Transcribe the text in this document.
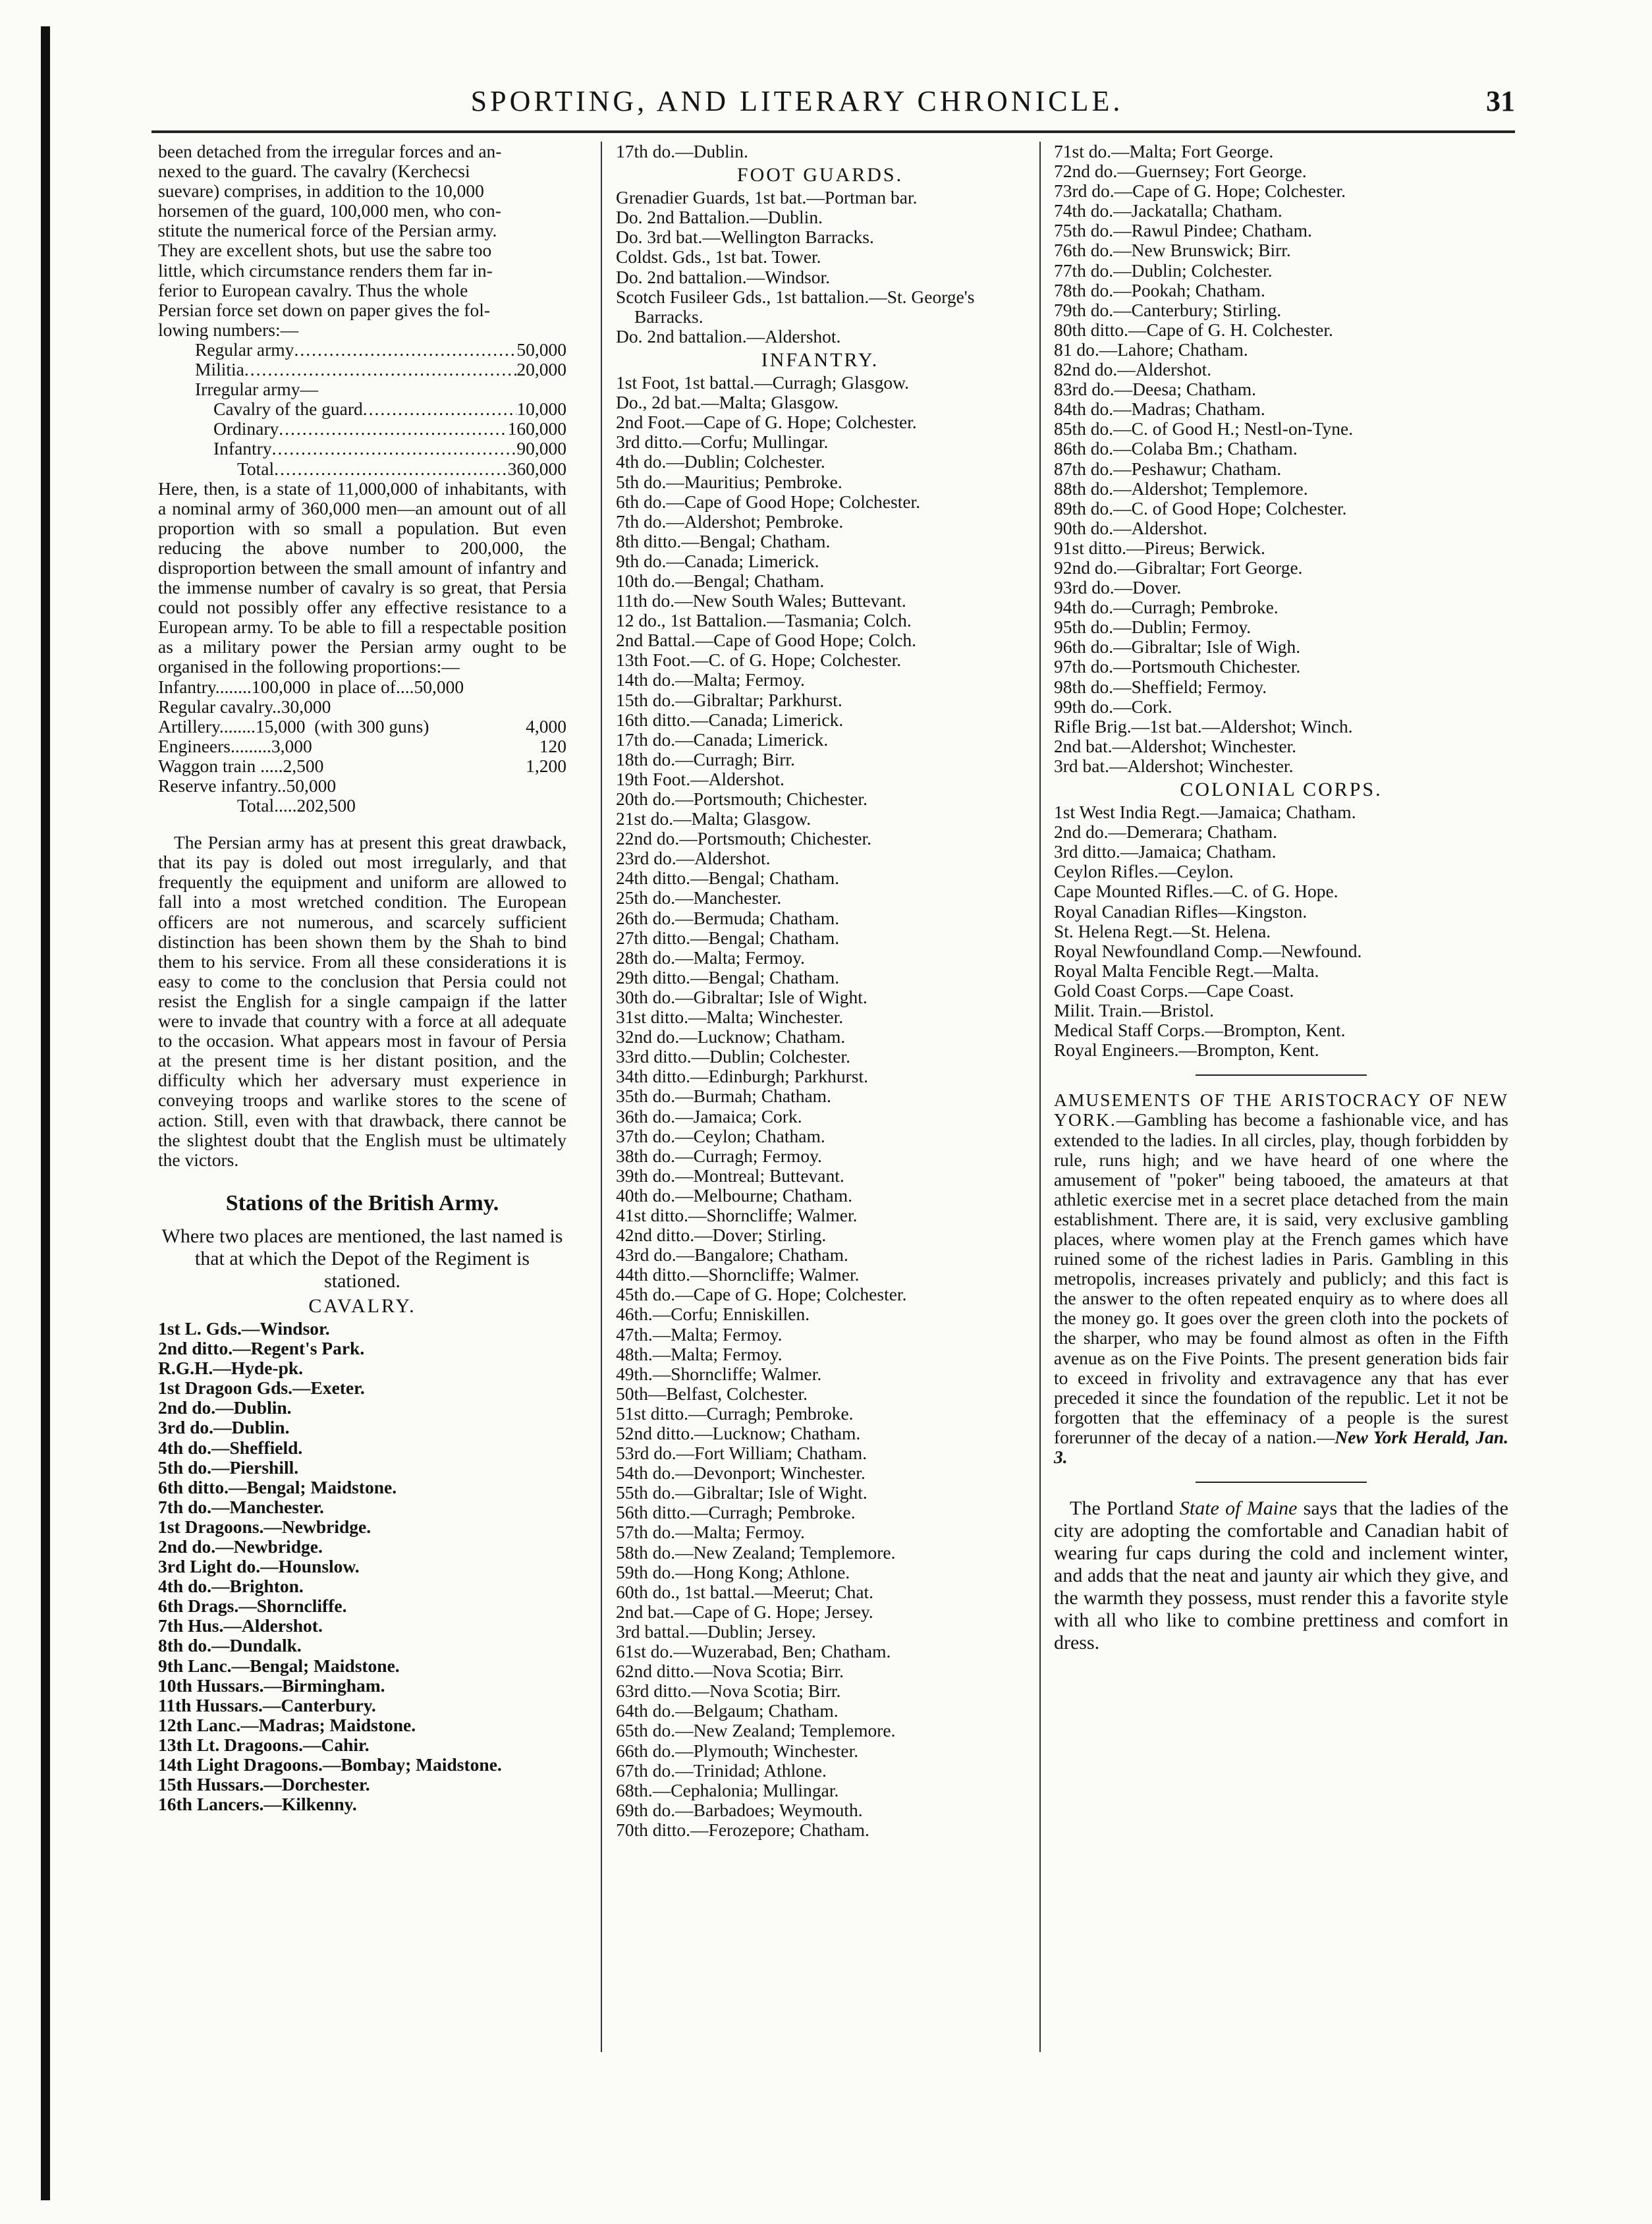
SPORTING, AND LITERARY CHRONICLE.	31
been detached from the irregular forces and an-
nexed to the guard. The cavalry (Kerchecsi
suevare) comprises, in addition to the 10,000
horsemen of the guard, 100,000 men, who con-
stitute the numerical force of the Persian army.
They are excellent shots, but use the sabre too
little, which circumstance renders them far in-
ferior to European cavalry. Thus the whole
Persian force set down on paper gives the fol-
lowing numbers:—
Regular army .....	50,000
Militia .....	20,000
Irregular army—
Cavalry of the guard .....	10,000
Ordinary .....	160,000
Infantry .....	90,000
Total .....	360,000
Here, then, is a state of 11,000,000 of inhabitants, with a nominal army of 360,000 men—an amount out of all proportion with so small a population. But even reducing the above number to 200,000, the disproportion between the small amount of infantry and the immense number of cavalry is so great, that Persia could not possibly offer any effective resistance to a European army. To be able to fill a respectable position as a military power the Persian army ought to be organised in the following proportions:—
Infantry........100,000  in place of....50,000
Regular cavalry..30,000
Artillery........15,000  (with 300 guns)	4,000
Engineers.........3,000	120
Waggon train .....2,500	1,200
Reserve infantry..50,000
Total.....202,500
The Persian army has at present this great drawback, that its pay is doled out most irregularly, and that frequently the equipment and uniform are allowed to fall into a most wretched condition. The European officers are not numerous, and scarcely sufficient distinction has been shown them by the Shah to bind them to his service. From all these considerations it is easy to come to the conclusion that Persia could not resist the English for a single campaign if the latter were to invade that country with a force at all adequate to the occasion. What appears most in favour of Persia at the present time is her distant position, and the difficulty which her adversary must experience in conveying troops and warlike stores to the scene of action. Still, even with that drawback, there cannot be the slightest doubt that the English must be ultimately the victors.
Stations of the British Army.
Where two places are mentioned, the last named is that at which the Depot of the Regiment is stationed.
CAVALRY.
1st L. Gds.—Windsor.
2nd ditto.—Regent's Park.
R.G.H.—Hyde-pk.
1st Dragoon Gds.—Exeter.
2nd do.—Dublin.
3rd do.—Dublin.
4th do.—Sheffield.
5th do.—Piershill.
6th ditto.—Bengal; Maidstone.
7th do.—Manchester.
1st Dragoons.—Newbridge.
2nd do.—Newbridge.
3rd Light do.—Hounslow.
4th do.—Brighton.
6th Drags.—Shorncliffe.
7th Hus.—Aldershot.
8th do.—Dundalk.
9th Lanc.—Bengal; Maidstone.
10th Hussars.—Birmingham.
11th Hussars.—Canterbury.
12th Lanc.—Madras; Maidstone.
13th Lt. Dragoons.—Cahir.
14th Light Dragoons.—Bombay; Maidstone.
15th Hussars.—Dorchester.
16th Lancers.—Kilkenny.
17th do.—Dublin.
FOOT GUARDS.
Grenadier Guards, 1st bat.—Portman bar.
Do. 2nd Battalion.—Dublin.
Do. 3rd bat.—Wellington Barracks.
Coldst. Gds., 1st bat. Tower.
Do. 2nd battalion.—Windsor.
Scotch Fusileer Gds., 1st battalion.—St. George's Barracks.
Do. 2nd battalion.—Aldershot.
INFANTRY.
1st Foot, 1st battal.—Curragh; Glasgow.
Do., 2d bat.—Malta; Glasgow.
2nd Foot.—Cape of G. Hope; Colchester.
3rd ditto.—Corfu; Mullingar.
4th do.—Dublin; Colchester.
5th do.—Mauritius; Pembroke.
6th do.—Cape of Good Hope; Colchester.
7th do.—Aldershot; Pembroke.
8th ditto.—Bengal; Chatham.
9th do.—Canada; Limerick.
10th do.—Bengal; Chatham.
11th do.—New South Wales; Buttevant.
12 do., 1st Battalion.—Tasmania; Colch.
2nd Battal.—Cape of Good Hope; Colch.
13th Foot.—C. of G. Hope; Colchester.
14th do.—Malta; Fermoy.
15th do.—Gibraltar; Parkhurst.
16th ditto.—Canada; Limerick.
17th do.—Canada; Limerick.
18th do.—Curragh; Birr.
19th Foot.—Aldershot.
20th do.—Portsmouth; Chichester.
21st do.—Malta; Glasgow.
22nd do.—Portsmouth; Chichester.
23rd do.—Aldershot.
24th ditto.—Bengal; Chatham.
25th do.—Manchester.
26th do.—Bermuda; Chatham.
27th ditto.—Bengal; Chatham.
28th do.—Malta; Fermoy.
29th ditto.—Bengal; Chatham.
30th do.—Gibraltar; Isle of Wight.
31st ditto.—Malta; Winchester.
32nd do.—Lucknow; Chatham.
33rd ditto.—Dublin; Colchester.
34th ditto.—Edinburgh; Parkhurst.
35th do.—Burmah; Chatham.
36th do.—Jamaica; Cork.
37th do.—Ceylon; Chatham.
38th do.—Curragh; Fermoy.
39th do.—Montreal; Buttevant.
40th do.—Melbourne; Chatham.
41st ditto.—Shorncliffe; Walmer.
42nd ditto.—Dover; Stirling.
43rd do.—Bangalore; Chatham.
44th ditto.—Shorncliffe; Walmer.
45th do.—Cape of G. Hope; Colchester.
46th.—Corfu; Enniskillen.
47th.—Malta; Fermoy.
48th.—Malta; Fermoy.
49th.—Shorncliffe; Walmer.
50th—Belfast, Colchester.
51st ditto.—Curragh; Pembroke.
52nd ditto.—Lucknow; Chatham.
53rd do.—Fort William; Chatham.
54th do.—Devonport; Winchester.
55th do.—Gibraltar; Isle of Wight.
56th ditto.—Curragh; Pembroke.
57th do.—Malta; Fermoy.
58th do.—New Zealand; Templemore.
59th do.—Hong Kong; Athlone.
60th do., 1st battal.—Meerut; Chat.
2nd bat.—Cape of G. Hope; Jersey.
3rd battal.—Dublin; Jersey.
61st do.—Wuzerabad, Ben; Chatham.
62nd ditto.—Nova Scotia; Birr.
63rd ditto.—Nova Scotia; Birr.
64th do.—Belgaum; Chatham.
65th do.—New Zealand; Templemore.
66th do.—Plymouth; Winchester.
67th do.—Trinidad; Athlone.
68th.—Cephalonia; Mullingar.
69th do.—Barbadoes; Weymouth.
70th ditto.—Ferozepore; Chatham.
71st do.—Malta; Fort George.
72nd do.—Guernsey; Fort George.
73rd do.—Cape of G. Hope; Colchester.
74th do.—Jackatalla; Chatham.
75th do.—Rawul Pindee; Chatham.
76th do.—New Brunswick; Birr.
77th do.—Dublin; Colchester.
78th do.—Pookah; Chatham.
79th do.—Canterbury; Stirling.
80th ditto.—Cape of G. H. Colchester.
81 do.—Lahore; Chatham.
82nd do.—Aldershot.
83rd do.—Deesa; Chatham.
84th do.—Madras; Chatham.
85th do.—C. of Good H.; Nestl-on-Tyne.
86th do.—Colaba Bm.; Chatham.
87th do.—Peshawur; Chatham.
88th do.—Aldershot; Templemore.
89th do.—C. of Good Hope; Colchester.
90th do.—Aldershot.
91st ditto.—Pireus; Berwick.
92nd do.—Gibraltar; Fort George.
93rd do.—Dover.
94th do.—Curragh; Pembroke.
95th do.—Dublin; Fermoy.
96th do.—Gibraltar; Isle of Wigh.
97th do.—Portsmouth Chichester.
98th do.—Sheffield; Fermoy.
99th do.—Cork.
Rifle Brig.—1st bat.—Aldershot; Winch.
2nd bat.—Aldershot; Winchester.
3rd bat.—Aldershot; Winchester.
COLONIAL CORPS.
1st West India Regt.—Jamaica; Chatham.
2nd do.—Demerara; Chatham.
3rd ditto.—Jamaica; Chatham.
Ceylon Rifles.—Ceylon.
Cape Mounted Rifles.—C. of G. Hope.
Royal Canadian Rifles—Kingston.
St. Helena Regt.—St. Helena.
Royal Newfoundland Comp.—Newfound.
Royal Malta Fencible Regt.—Malta.
Gold Coast Corps.—Cape Coast.
Milit. Train.—Bristol.
Medical Staff Corps.—Brompton, Kent.
Royal Engineers.—Brompton, Kent.
AMUSEMENTS OF THE ARISTOCRACY OF NEW YORK.—Gambling has become a fashionable vice, and has extended to the ladies. In all circles, play, though forbidden by rule, runs high; and we have heard of one where the amusement of "poker" being tabooed, the amateurs at that athletic exercise met in a secret place detached from the main establishment. There are, it is said, very exclusive gambling places, where women play at the French games which have ruined some of the richest ladies in Paris. Gambling in this metropolis, increases privately and publicly; and this fact is the answer to the often repeated enquiry as to where does all the money go. It goes over the green cloth into the pockets of the sharper, who may be found almost as often in the Fifth avenue as on the Five Points. The present generation bids fair to exceed in frivolity and extravagence any that has ever preceded it since the foundation of the republic. Let it not be forgotten that the effeminacy of a people is the surest forerunner of the decay of a nation.—New York Herald, Jan. 3.
The Portland State of Maine says that the ladies of the city are adopting the comfortable and Canadian habit of wearing fur caps during the cold and inclement winter, and adds that the neat and jaunty air which they give, and the warmth they possess, must render this a favorite style with all who like to combine prettiness and comfort in dress.
